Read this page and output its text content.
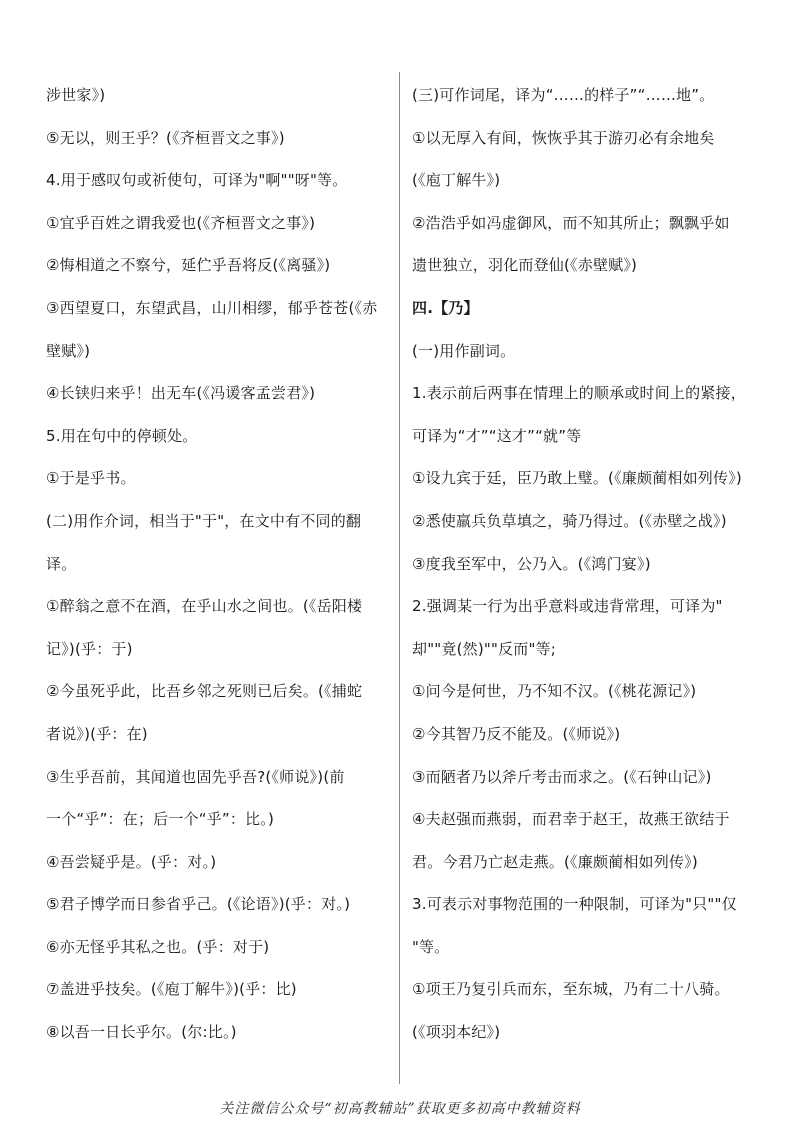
涉世家》)
⑤无以，则王乎？(《齐桓晋文之事》)
4.用于感叹句或祈使句，可译为"啊""呀"等。
①宜乎百姓之谓我爱也(《齐桓晋文之事》)
②悔相道之不察兮，延伫乎吾将反(《离骚》)
③西望夏口，东望武昌，山川相缪，郁乎苍苍(《赤
壁赋》)
④长铗归来乎！出无车(《冯谖客孟尝君》)
5.用在句中的停顿处。
①于是乎书。
(二)用作介词，相当于"于"，在文中有不同的翻
译。
①醉翁之意不在酒，在乎山水之间也。(《岳阳楼
记》)(乎：于)
②今虽死乎此，比吾乡邻之死则已后矣。(《捕蛇
者说》)(乎：在)
③生乎吾前，其闻道也固先乎吾?(《师说》)(前
一个“乎”：在；后一个“乎”：比。)
④吾尝疑乎是。(乎：对。)
⑤君子博学而日参省乎己。(《论语》)(乎：对。)
⑥亦无怪乎其私之也。(乎：对于)
⑦盖进乎技矣。(《庖丁解牛》)(乎：比)
⑧以吾一日长乎尔。(尔:比。)
(三)可作词尾，译为“……的样子”“……地”。
①以无厚入有间，恢恢乎其于游刃必有余地矣
(《庖丁解牛》)
②浩浩乎如冯虚御风，而不知其所止；飘飘乎如
遗世独立，羽化而登仙(《赤壁赋》)
四.【乃】
(一)用作副词。
1.表示前后两事在情理上的顺承或时间上的紧接，
可译为“才”“这才”“就”等
①设九宾于廷，臣乃敢上璧。(《廉颇蔺相如列传》)
②悉使羸兵负草填之，骑乃得过。(《赤壁之战》)
③度我至军中，公乃入。(《鸿门宴》)
2.强调某一行为出乎意料或违背常理，可译为"
却""竟(然)""反而"等;
①问今是何世，乃不知不汉。(《桃花源记》)
②今其智乃反不能及。(《师说》)
③而陋者乃以斧斤考击而求之。(《石钟山记》)
④夫赵强而燕弱，而君幸于赵王，故燕王欲结于
君。今君乃亡赵走燕。(《廉颇蔺相如列传》)
3.可表示对事物范围的一种限制，可译为"只""仅
"等。
①项王乃复引兵而东，至东城，乃有二十八骑。
(《项羽本纪》)
关注微信公众号“初高教辅站”获取更多初高中教辅资料
